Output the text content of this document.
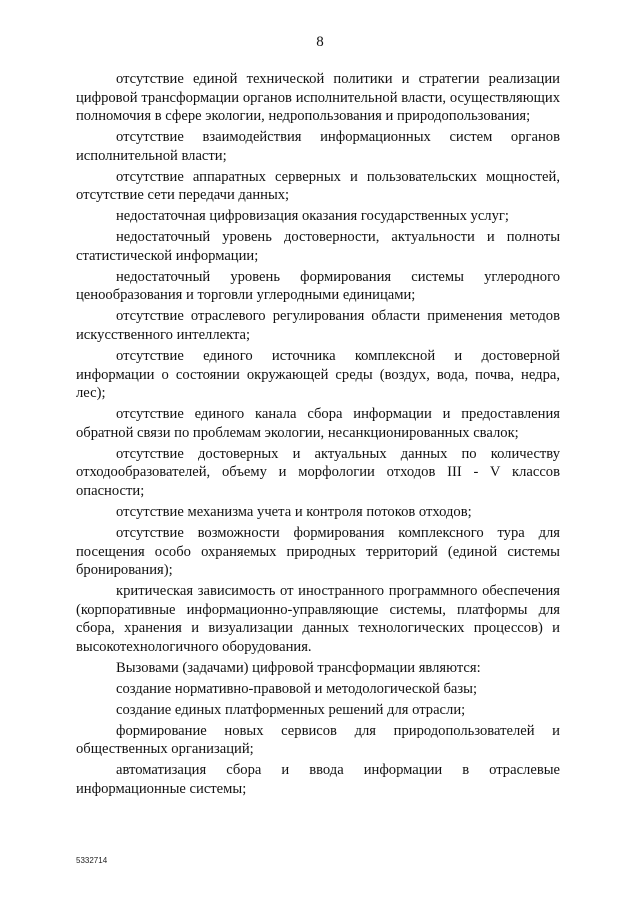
8

отсутствие единой технической политики и стратегии реализации цифровой трансформации органов исполнительной власти, осуществляющих полномочия в сфере экологии, недропользования и природопользования;

отсутствие взаимодействия информационных систем органов исполнительной власти;

отсутствие аппаратных серверных и пользовательских мощностей, отсутствие сети передачи данных;

недостаточная цифровизация оказания государственных услуг;

недостаточный уровень достоверности, актуальности и полноты статистической информации;

недостаточный уровень формирования системы углеродного ценообразования и торговли углеродными единицами;

отсутствие отраслевого регулирования области применения методов искусственного интеллекта;

отсутствие единого источника комплексной и достоверной информации о состоянии окружающей среды (воздух, вода, почва, недра, лес);

отсутствие единого канала сбора информации и предоставления обратной связи по проблемам экологии, несанкционированных свалок;

отсутствие достоверных и актуальных данных по количеству отходообразователей, объему и морфологии отходов III - V классов опасности;

отсутствие механизма учета и контроля потоков отходов;

отсутствие возможности формирования комплексного тура для посещения особо охраняемых природных территорий (единой системы бронирования);

критическая зависимость от иностранного программного обеспечения (корпоративные информационно-управляющие системы, платформы для сбора, хранения и визуализации данных технологических процессов) и высокотехнологичного оборудования.

Вызовами (задачами) цифровой трансформации являются:

создание нормативно-правовой и методологической базы;

создание единых платформенных решений для отрасли;

формирование новых сервисов для природопользователей и общественных организаций;

автоматизация сбора и ввода информации в отраслевые информационные системы;

5332714
